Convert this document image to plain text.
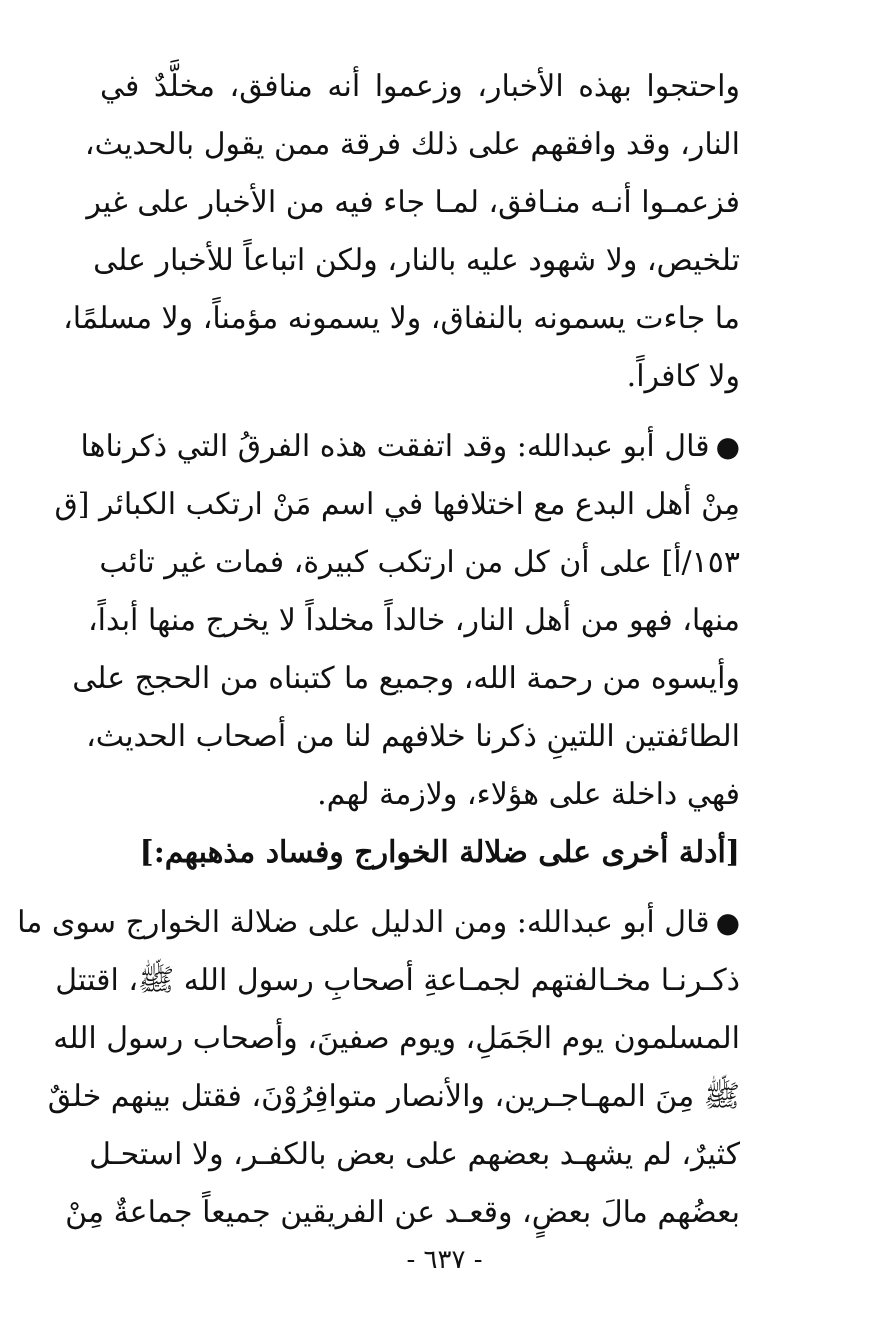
واحتجوا بهذه الأخبار، وزعموا أنه منافق، مخلَّدٌ في
النار، وقد وافقهم على ذلك فرقة ممن يقول بالحديث،
فزعمـوا أنـه منـافق، لمـا جاء فيه من الأخبار على غير
تلخيص، ولا شهود عليه بالنار، ولكن اتباعاً للأخبار على
ما جاءت يسمونه بالنفاق، ولا يسمونه مؤمناً، ولا مسلمًا،
ولا كافراً.
●قال أبو عبدالله: وقد اتفقت هذه الفرقُ التي ذكرناها
مِنْ أهل البدع مع اختلافها في اسم مَنْ ارتكب الكبائر [ق
١٥٣/أ] على أن كل من ارتكب كبيرة، فمات غير تائب
منها، فهو من أهل النار، خالداً مخلداً لا يخرج منها أبداً،
وأيسوه من رحمة الله، وجميع ما كتبناه من الحجج على
الطائفتين اللتينِ ذكرنا خلافهم لنا من أصحاب الحديث،
فهي داخلة على هؤلاء، ولازمة لهم.
[أدلة أخرى على ضلالة الخوارج وفساد مذهبهم:]
●قال أبو عبدالله: ومن الدليل على ضلالة الخوارج سوى ما
ذكـرنـا مخـالفتهم لجمـاعةِ أصحابِ رسول الله ﷺ، اقتتل
المسلمون يوم الجَمَلِ، ويوم صفينَ، وأصحاب رسول الله
ﷺ مِنَ المهـاجـرين، والأنصار متوافِرُوْنَ، فقتل بينهم خلقٌ
كثيرٌ، لم يشهـد بعضهم على بعض بالكفـر، ولا استحـل
بعضُهم مالَ بعضٍ، وقعـد عن الفريقين جميعاً جماعةٌ مِنْ
- ٦٣٧ -
